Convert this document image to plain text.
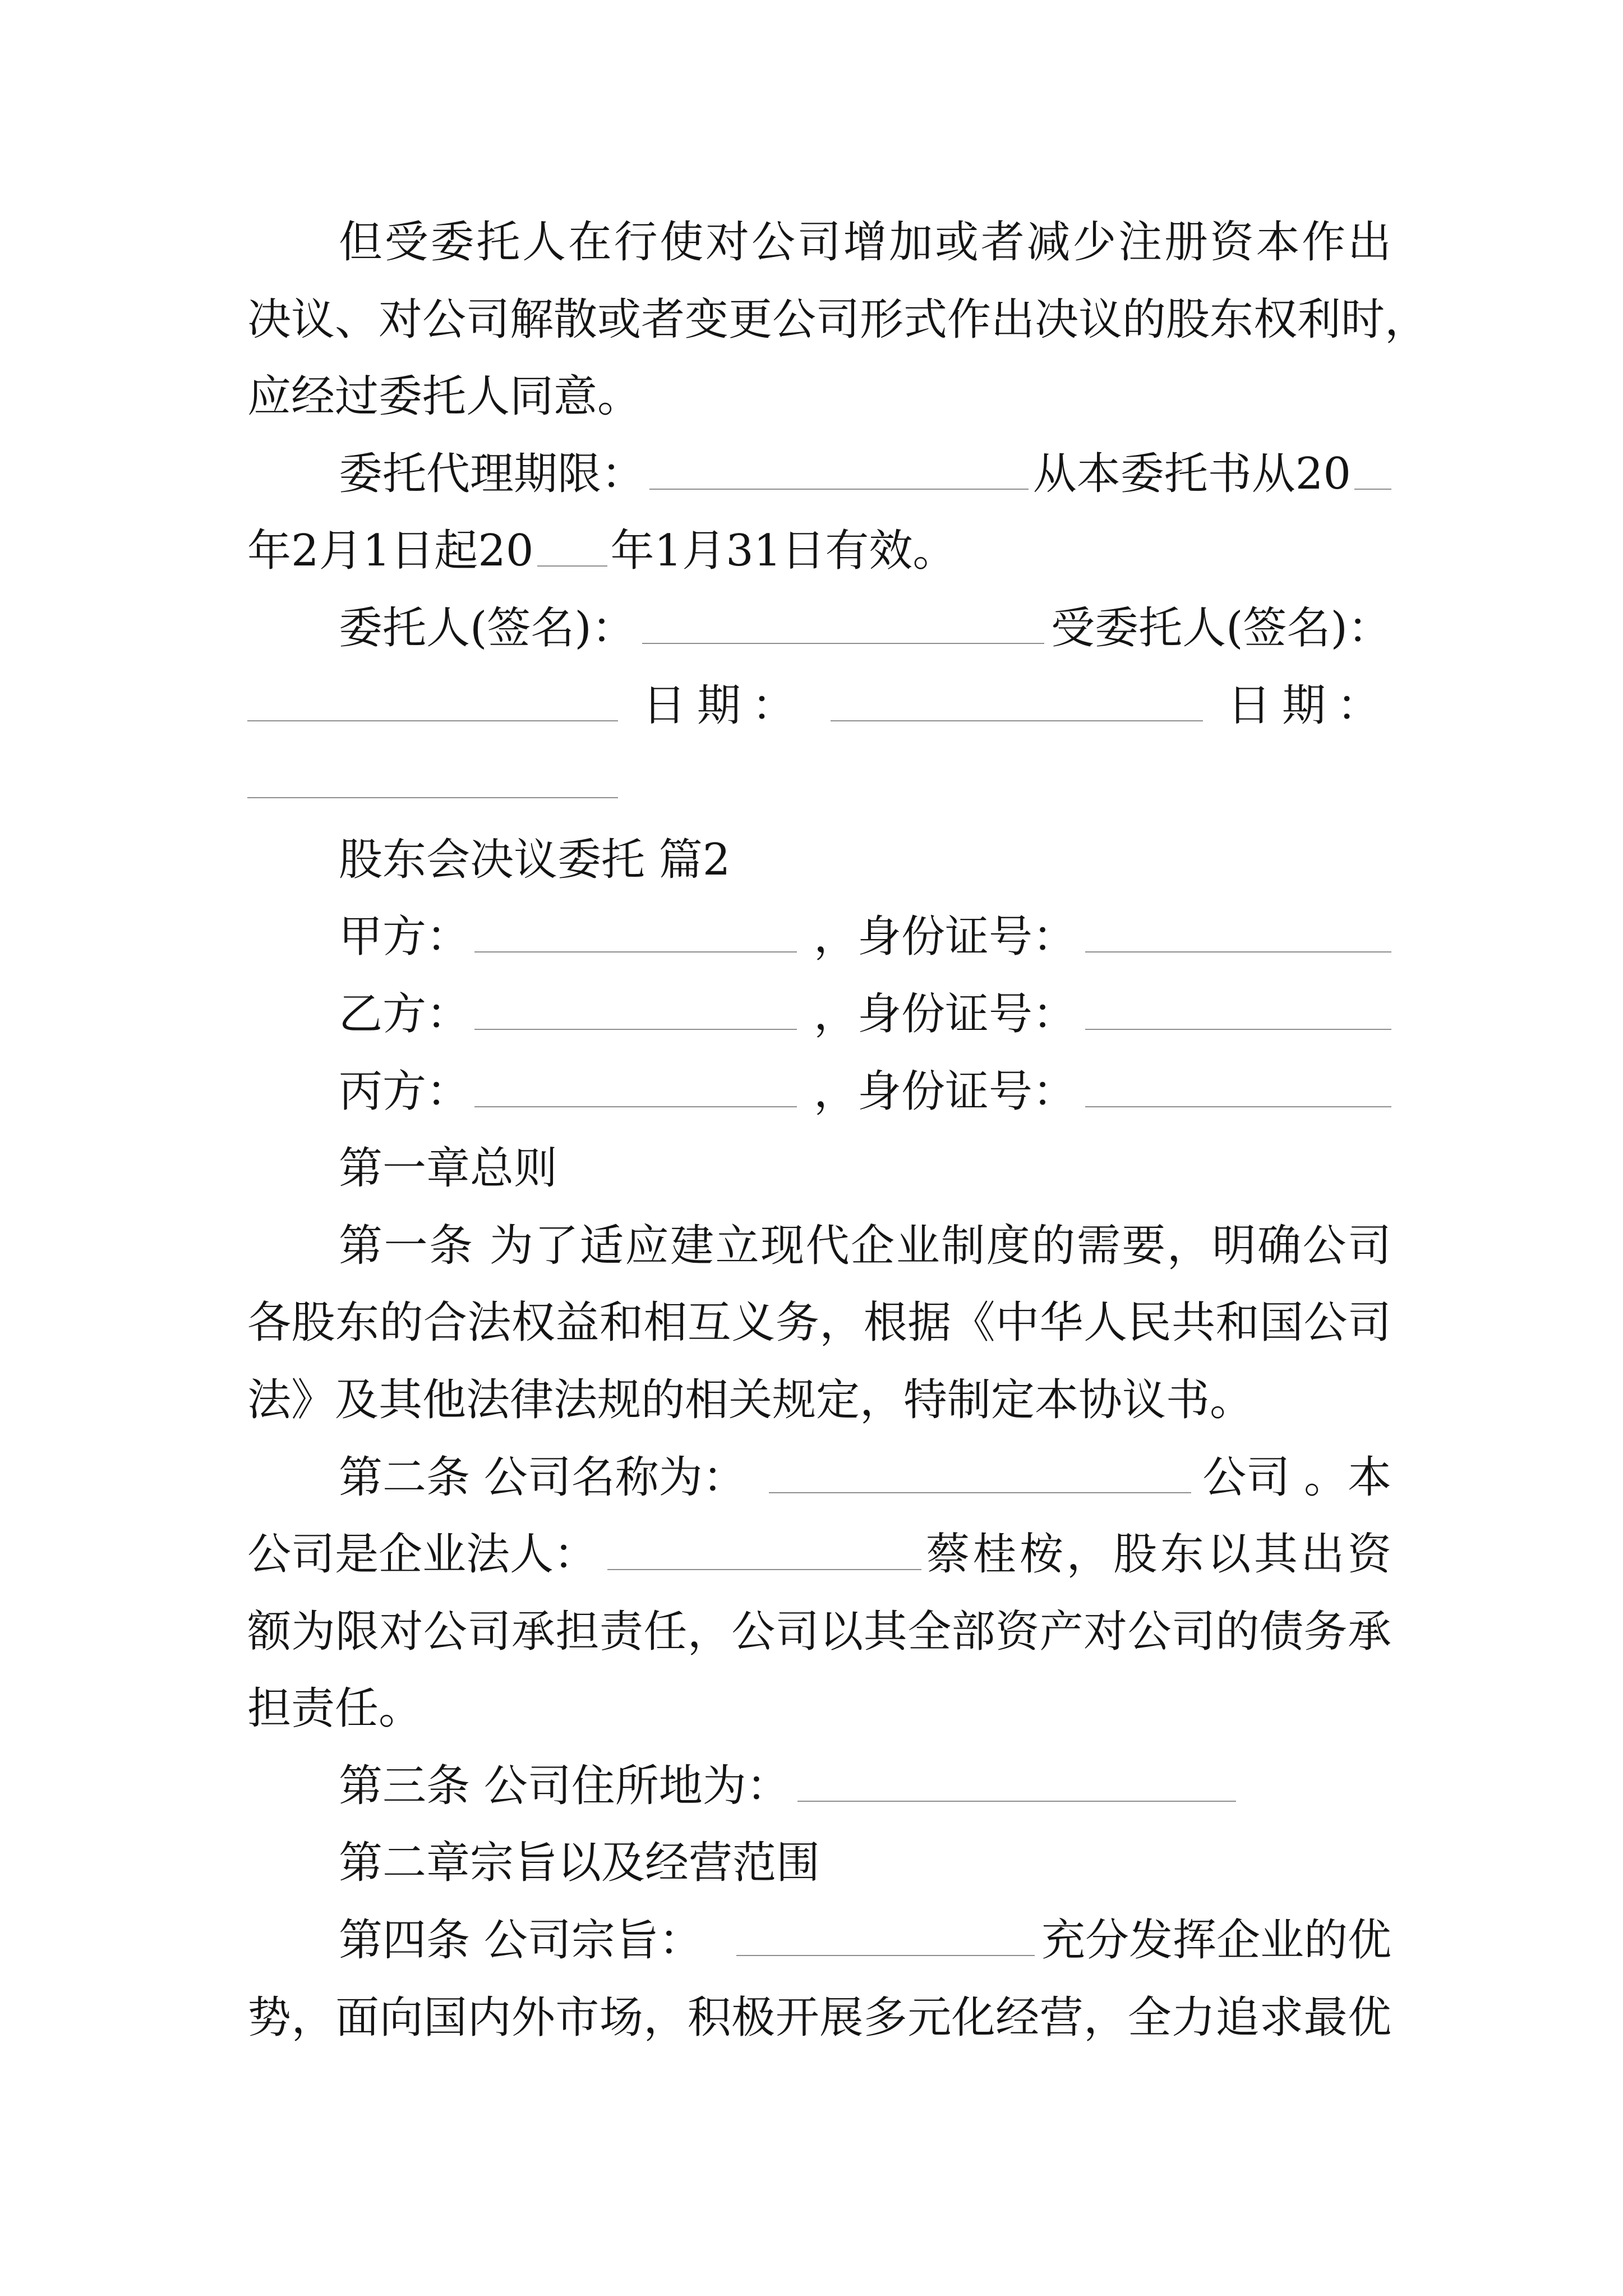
但受委托人在行使对公司增加或者减少注册资本作出
决议、对公司解散或者变更公司形式作出决议的股东权利时，
应经过委托人同意。
委托代理期限：	从本委托书从20
年2月1日起20 年1月31日有效。
委托人(签名)：	受委托人(签名)：
日期：	日期：
股东会决议委托 篇2
甲方：	，身份证号：
乙方：	，身份证号：
丙方：	，身份证号：
第一章总则
第一条 为了适应建立现代企业制度的需要，明确公司
各股东的合法权益和相互义务，根据《中华人民共和国公司
法》及其他法律法规的相关规定，特制定本协议书。
第二条 公司名称为：	公司 。本
公司是企业法人：	蔡桂桉，股东以其出资
额为限对公司承担责任，公司以其全部资产对公司的债务承
担责任。
第三条 公司住所地为：
第二章宗旨以及经营范围
第四条 公司宗旨：	充分发挥企业的优
势，面向国内外市场，积极开展多元化经营，全力追求最优
